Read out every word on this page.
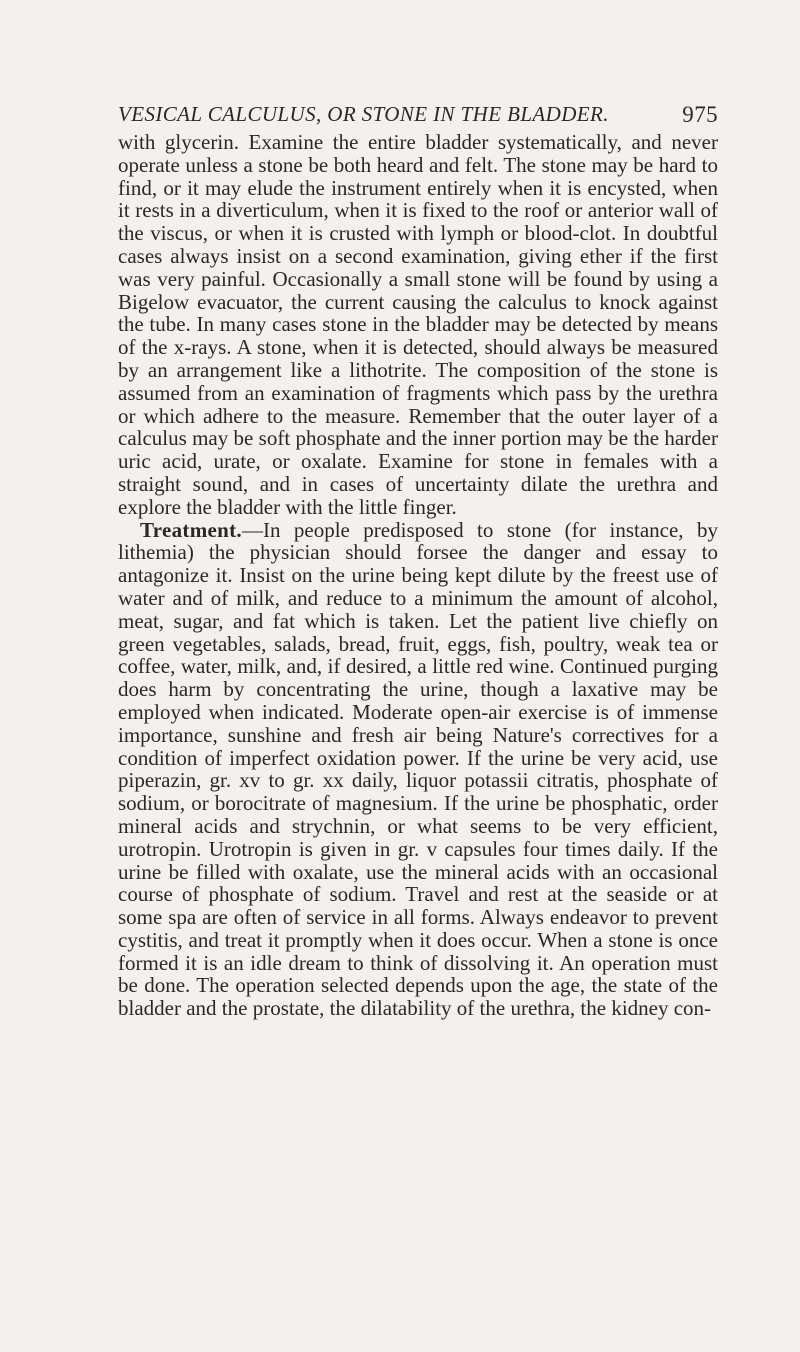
VESICAL CALCULUS, OR STONE IN THE BLADDER.	975

with glycerin. Examine the entire bladder systematically, and never operate unless a stone be both heard and felt. The stone may be hard to find, or it may elude the instrument entirely when it is encysted, when it rests in a diverticulum, when it is fixed to the roof or anterior wall of the viscus, or when it is crusted with lymph or blood-clot. In doubtful cases always insist on a second examination, giving ether if the first was very painful. Occasionally a small stone will be found by using a Bigelow evacuator, the current causing the calculus to knock against the tube. In many cases stone in the bladder may be detected by means of the x-rays. A stone, when it is detected, should always be measured by an arrangement like a lithotrite. The composition of the stone is assumed from an examination of fragments which pass by the urethra or which adhere to the measure. Remember that the outer layer of a calculus may be soft phosphate and the inner portion may be the harder uric acid, urate, or oxalate. Examine for stone in females with a straight sound, and in cases of uncertainty dilate the urethra and explore the bladder with the little finger.

Treatment.—In people predisposed to stone (for instance, by lithemia) the physician should forsee the danger and essay to antagonize it. Insist on the urine being kept dilute by the freest use of water and of milk, and reduce to a minimum the amount of alcohol, meat, sugar, and fat which is taken. Let the patient live chiefly on green vegetables, salads, bread, fruit, eggs, fish, poultry, weak tea or coffee, water, milk, and, if desired, a little red wine. Continued purging does harm by concentrating the urine, though a laxative may be employed when indicated. Moderate open-air exercise is of immense importance, sunshine and fresh air being Nature's correctives for a condition of imperfect oxidation power. If the urine be very acid, use piperazin, gr. xv to gr. xx daily, liquor potassii citratis, phosphate of sodium, or borocitrate of magnesium. If the urine be phosphatic, order mineral acids and strychnin, or what seems to be very efficient, urotropin. Urotropin is given in gr. v capsules four times daily. If the urine be filled with oxalate, use the mineral acids with an occasional course of phosphate of sodium. Travel and rest at the seaside or at some spa are often of service in all forms. Always endeavor to prevent cystitis, and treat it promptly when it does occur. When a stone is once formed it is an idle dream to think of dissolving it. An operation must be done. The operation selected depends upon the age, the state of the bladder and the prostate, the dilatability of the urethra, the kidney con-
